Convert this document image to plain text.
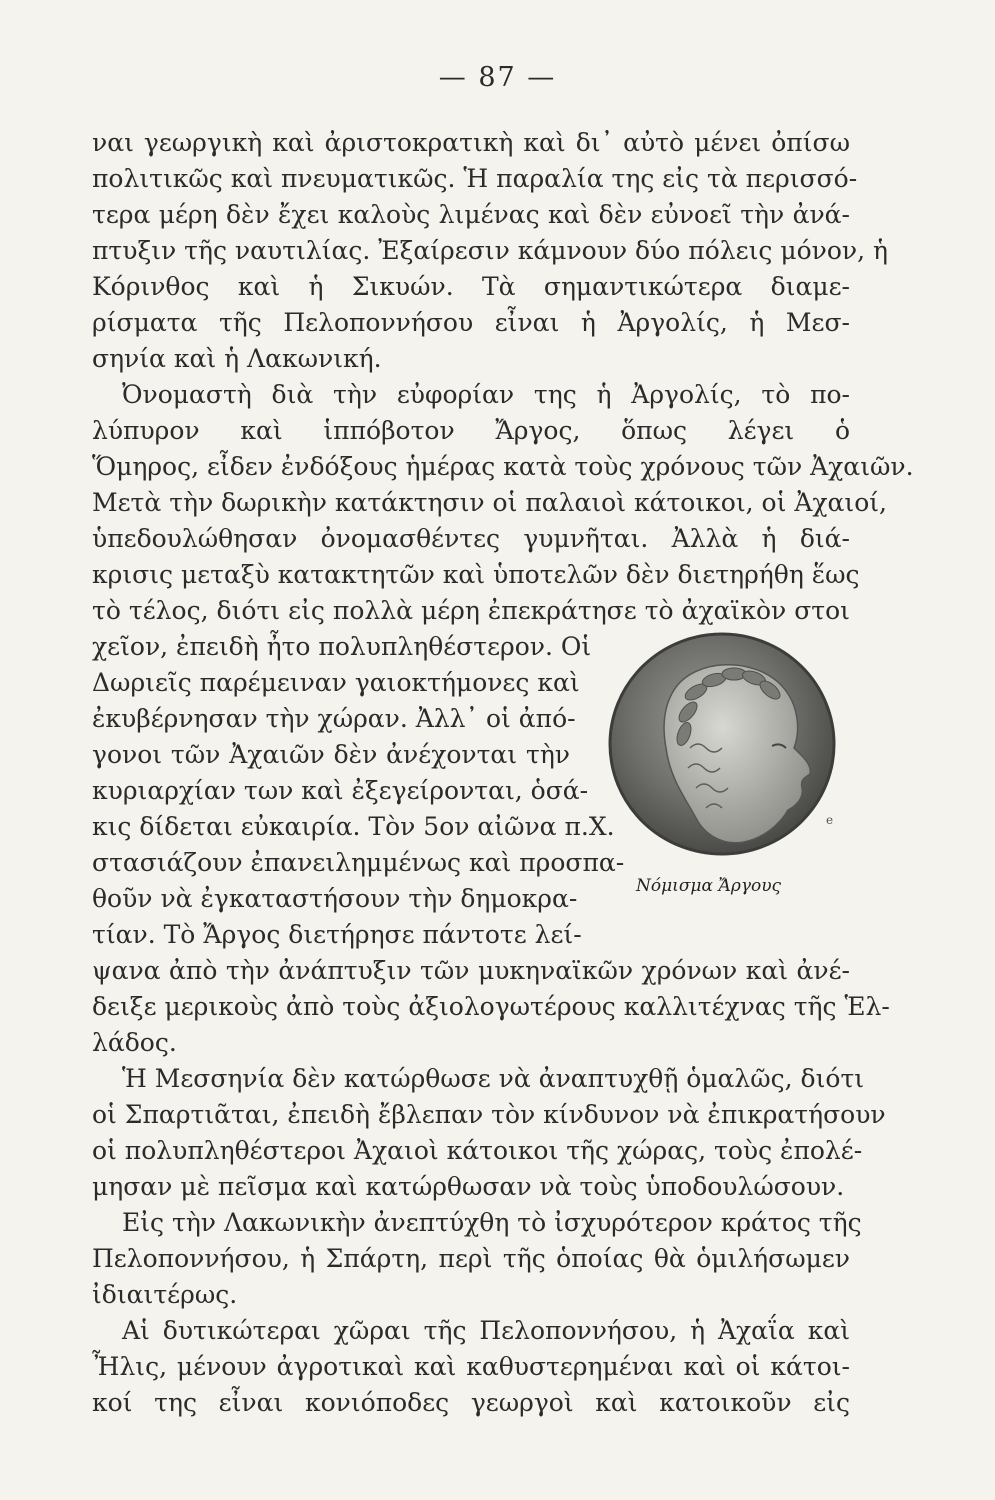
— 87 —
ναι γεωργικὴ καὶ ἀριστοκρατικὴ καὶ δι᾽ αὐτὸ μένει ὀπίσω
πολιτικῶς καὶ πνευματικῶς. Ἡ παραλία της εἰς τὰ περισσό-
τερα μέρη δὲν ἔχει καλοὺς λιμένας καὶ δὲν εὐνοεῖ τὴν ἀνά-
πτυξιν τῆς ναυτιλίας. Ἐξαίρεσιν κάμνουν δύο πόλεις μόνον, ἡ
Κόρινθος καὶ ἡ Σικυών. Τὰ σημαντικώτερα διαμε-
ρίσματα τῆς Πελοποννήσου εἶναι ἡ Ἀργολίς, ἡ Μεσ-
σηνία καὶ ἡ Λακωνική.
Ὀνομαστὴ διὰ τὴν εὐφορίαν της ἡ Ἀργολίς, τὸ πο-
λύπυρον καὶ ἱππόβοτον Ἄργος, ὅπως λέγει ὁ
Ὅμηρος, εἶδεν ἐνδόξους ἡμέρας κατὰ τοὺς χρόνους τῶν Ἀχαιῶν.
Μετὰ τὴν δωρικὴν κατάκτησιν οἱ παλαιοὶ κάτοικοι, οἱ Ἀχαιοί,
ὑπεδουλώθησαν ὀνομασθέντες γυμνῆται. Ἀλλὰ ἡ διά-
κρισις μεταξὺ κατακτητῶν καὶ ὑποτελῶν δὲν διετηρήθη ἕως
τὸ τέλος, διότι εἰς πολλὰ μέρη ἐπεκράτησε τὸ ἀχαϊκὸν στοι
χεῖον, ἐπειδὴ ἦτο πολυπληθέστερον. Οἱ
Δωριεῖς παρέμειναν γαιοκτήμονες καὶ
ἐκυβέρνησαν τὴν χώραν. Ἀλλ᾽ οἱ ἀπό-
γονοι τῶν Ἀχαιῶν δὲν ἀνέχονται τὴν
κυριαρχίαν των καὶ ἐξεγείρονται, ὁσά-
κις δίδεται εὐκαιρία. Τὸν 5ον αἰῶνα π.Χ.
στασιάζουν ἐπανειλημμένως καὶ προσπα-
θοῦν νὰ ἐγκαταστήσουν τὴν δημοκρα-
τίαν. Τὸ Ἄργος διετήρησε πάντοτε λεί-
ψανα ἀπὸ τὴν ἀνάπτυξιν τῶν μυκηναϊκῶν χρόνων καὶ ἀνέ-
δειξε μερικοὺς ἀπὸ τοὺς ἀξιολογωτέρους καλλιτέχνας τῆς Ἑλ-
λάδος.
Ἡ Μεσσηνία δὲν κατώρθωσε νὰ ἀναπτυχθῇ ὁμαλῶς, διότι
οἱ Σπαρτιᾶται, ἐπειδὴ ἔβλεπαν τὸν κίνδυνον νὰ ἐπικρατήσουν
οἱ πολυπληθέστεροι Ἀχαιοὶ κάτοικοι τῆς χώρας, τοὺς ἐπολέ-
μησαν μὲ πεῖσμα καὶ κατώρθωσαν νὰ τοὺς ὑποδουλώσουν.
Εἰς τὴν Λακωνικὴν ἀνεπτύχθη τὸ ἰσχυρότερον κράτος τῆς
Πελοποννήσου, ἡ Σπάρτη, περὶ τῆς ὁποίας θὰ ὁμιλήσωμεν
ἰδιαιτέρως.
Αἱ δυτικώτεραι χῶραι τῆς Πελοποννήσου, ἡ Ἀχαΐα καὶ
Ἦλις, μένουν ἀγροτικαὶ καὶ καθυστερημέναι καὶ οἱ κάτοι-
κοί της εἶναι κονιόποδες γεωργοὶ καὶ κατοικοῦν εἰς
e
Νόμισμα Ἄργους
